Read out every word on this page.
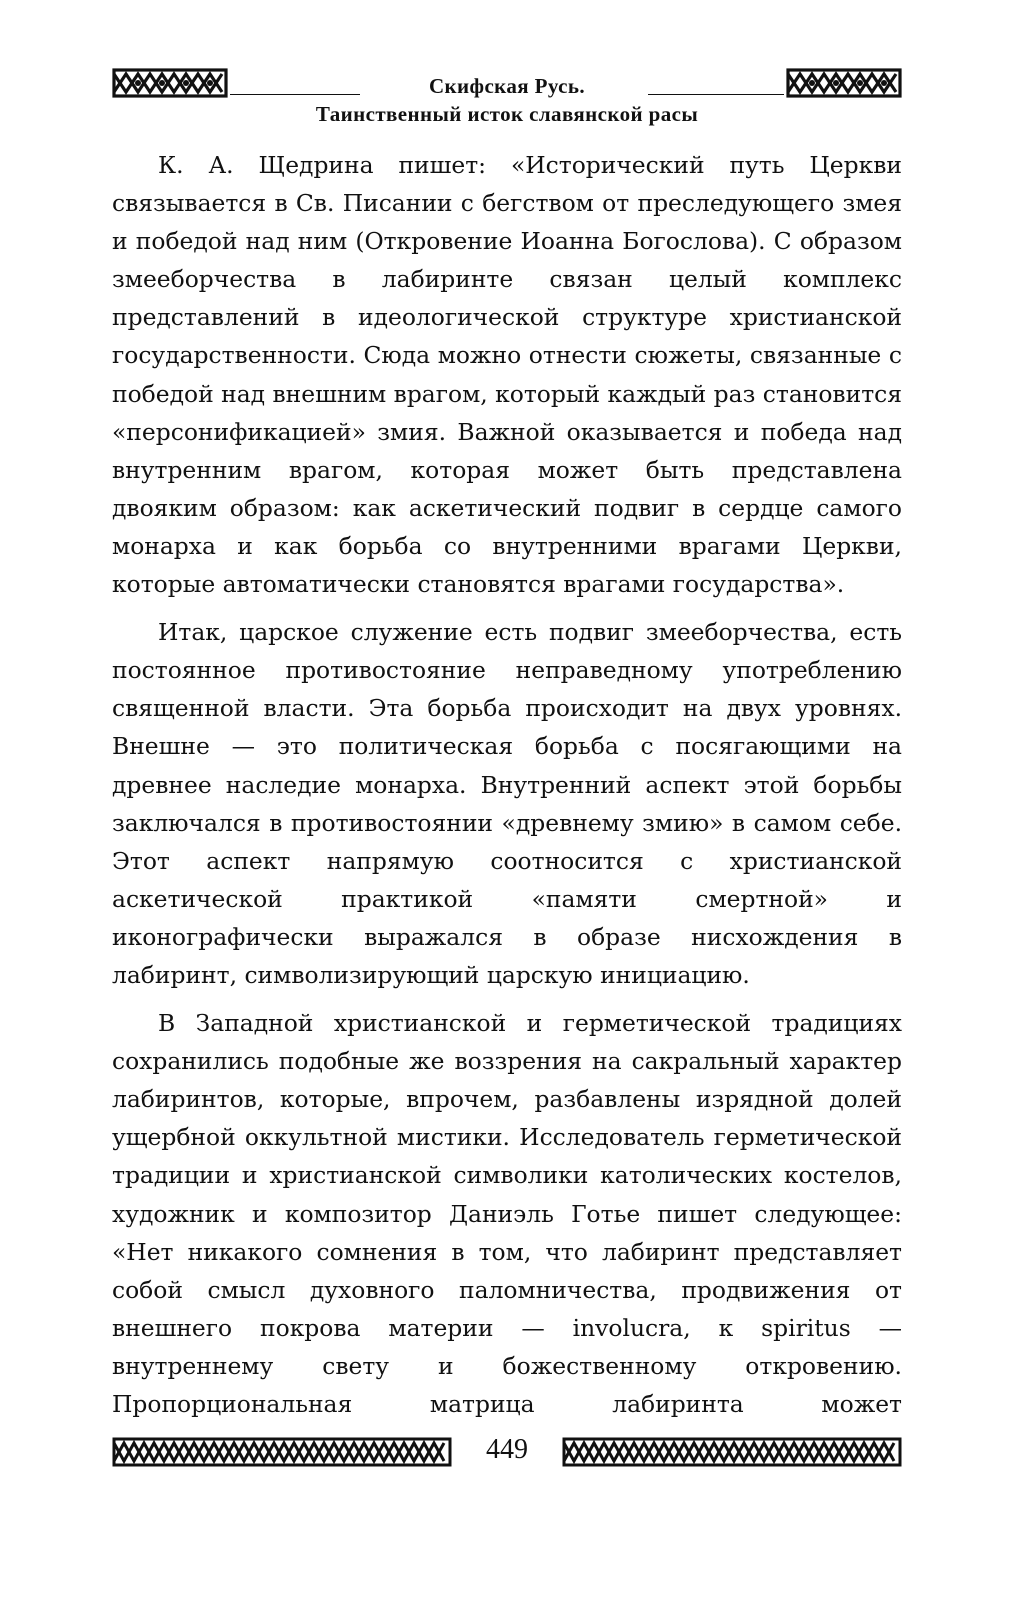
Скифская Русь.
Таинственный исток славянской расы

К. А. Щедрина пишет: «Исторический путь Церкви связывается в Св. Писании с бегством от преследующего змея и победой над ним (Откровение Иоанна Богослова). С образом змееборчества в лабиринте связан целый комплекс представлений в идеологической структуре христианской государственности. Сюда можно отнести сюжеты, связанные с победой над внешним врагом, который каждый раз становится «персонификацией» змия. Важной оказывается и победа над внутренним врагом, которая может быть представлена двояким образом: как аскетический подвиг в сердце самого монарха и как борьба со внутренними врагами Церкви, которые автоматически становятся врагами государства».

Итак, царское служение есть подвиг змееборчества, есть постоянное противостояние неправедному употреблению священной власти. Эта борьба происходит на двух уровнях. Внешне — это политическая борьба с посягающими на древнее наследие монарха. Внутренний аспект этой борьбы заключался в противостоянии «древнему змию» в самом себе. Этот аспект напрямую соотносится с христианской аскетической практикой «памяти смертной» и иконографически выражался в образе нисхождения в лабиринт, символизирующий царскую инициацию.

В Западной христианской и герметической традициях сохранились подобные же воззрения на сакральный характер лабиринтов, которые, впрочем, разбавлены изрядной долей ущербной оккультной мистики. Исследователь герметической традиции и христианской символики католических костелов, художник и композитор Даниэль Готье пишет следующее: «Нет никакого сомнения в том, что лабиринт представляет собой смысл духовного паломничества, продвижения от внешнего покрова материи — involucra, к spiritus — внутреннему свету и божественному откровению. Пропорциональная матрица лабиринта может

449
